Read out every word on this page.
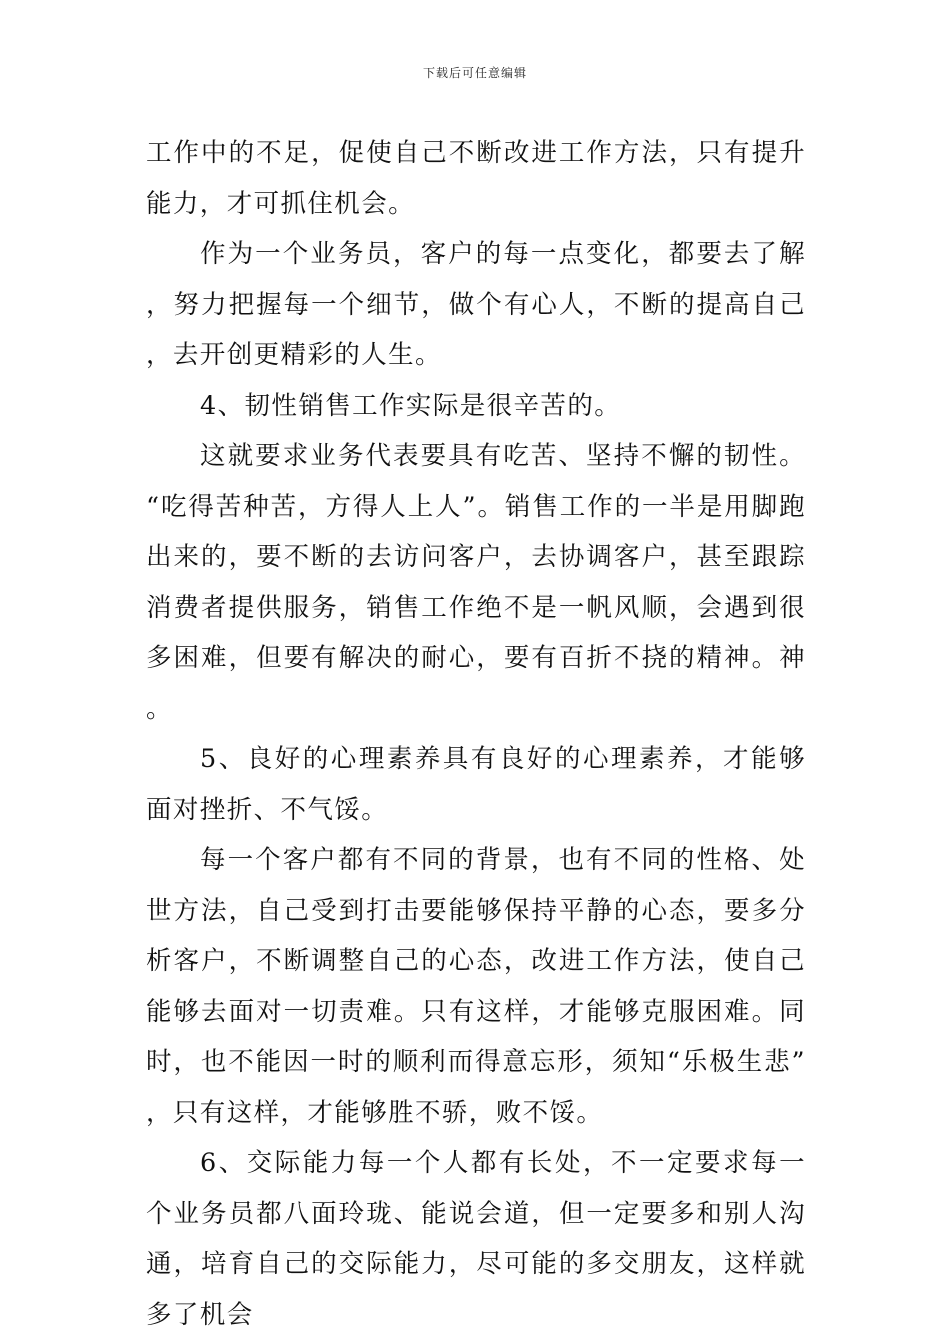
下载后可任意编辑

工作中的不足，促使自己不断改进工作方法，只有提升能力，才可抓住机会。

作为一个业务员，客户的每一点变化，都要去了解，努力把握每一个细节，做个有心人，不断的提高自己，去开创更精彩的人生。

4、韧性销售工作实际是很辛苦的。

这就要求业务代表要具有吃苦、坚持不懈的韧性。“吃得苦种苦，方得人上人”。销售工作的一半是用脚跑出来的，要不断的去访问客户，去协调客户，甚至跟踪消费者提供服务，销售工作绝不是一帆风顺，会遇到很多困难，但要有解决的耐心，要有百折不挠的精神。神。

5、良好的心理素养具有良好的心理素养，才能够面对挫折、不气馁。

每一个客户都有不同的背景，也有不同的性格、处世方法，自己受到打击要能够保持平静的心态，要多分析客户，不断调整自己的心态，改进工作方法，使自己能够去面对一切责难。只有这样，才能够克服困难。同时，也不能因一时的顺利而得意忘形，须知“乐极生悲”，只有这样，才能够胜不骄，败不馁。

6、交际能力每一个人都有长处，不一定要求每一个业务员都八面玲珑、能说会道，但一定要多和别人沟通，培育自己的交际能力，尽可能的多交朋友，这样就多了机会
